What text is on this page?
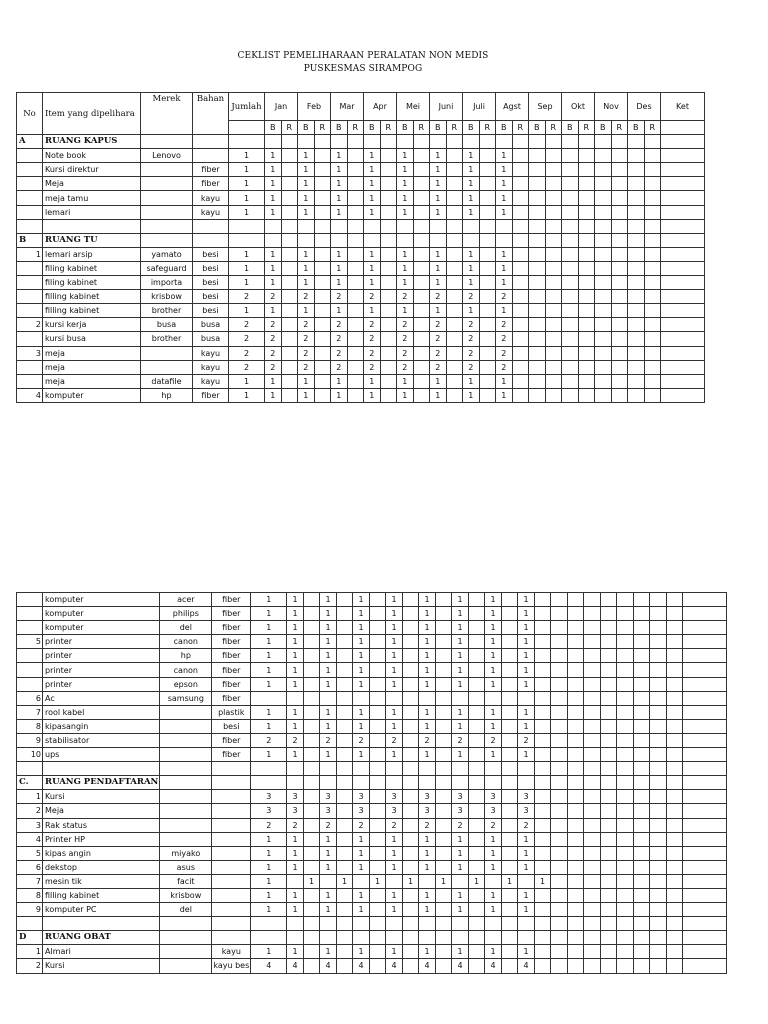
CEKLIST PEMELIHARAAN PERALATAN NON MEDIS
PUSKESMAS SIRAMPOG
No	Item yang dipelihara	Merek	Bahan	Jumlah	Jan		Feb		Mar		Apr		Mei		Juni		Juli		Agst		Sep		Okt		Nov		Des		Ket
					B	R	B	R	B	R	B	R	B	R	B	R	B	R	B	R	B	R	B	R	B	R	B	R	
A	RUANG KAPUS																												
	Note book	Lenovo		1	1		1		1		1		1		1		1		1										
	Kursi direktur		fiber	1	1		1		1		1		1		1		1		1										
	Meja		fiber	1	1		1		1		1		1		1		1		1										
	meja tamu		kayu	1	1		1		1		1		1		1		1		1										
	lemari		kayu	1	1		1		1		1		1		1		1		1										

B	RUANG TU																												
1	lemari arsip	yamato	besi	1	1		1		1		1		1		1		1		1										
	filing kabinet	safeguard	besi	1	1		1		1		1		1		1		1		1										
	filing kabinet	importa	besi	1	1		1		1		1		1		1		1		1										
	filling kabinet	krisbow	besi	2	2		2		2		2		2		2		2		2										
	filling kabinet	brother	besi	1	1		1		1		1		1		1		1		1										
2	kursi kerja	busa	busa	2	2		2		2		2		2		2		2		2										
	kursi busa	brother	busa	2	2		2		2		2		2		2		2		2										
3	meja		kayu	2	2		2		2		2		2		2		2		2										
	meja		kayu	2	2		2		2		2		2		2		2		2										
	meja	datafile	kayu	1	1		1		1		1		1		1		1		1										
4	komputer	hp	fiber	1	1		1		1		1		1		1		1		1										
	komputer	acer	fiber	1	1		1		1		1		1		1		1		1										
	komputer	philips	fiber	1	1		1		1		1		1		1		1		1										
	komputer	del	fiber	1	1		1		1		1		1		1		1		1										
5	printer	canon	fiber	1	1		1		1		1		1		1		1		1										
	printer	hp	fiber	1	1		1		1		1		1		1		1		1										
	printer	canon	fiber	1	1		1		1		1		1		1		1		1										
	printer	epson	fiber	1	1		1		1		1		1		1		1		1										
6	Ac	samsung	fiber																										
7	rool kabel		plastik	1	1		1		1		1		1		1		1		1										
8	kipasangin		besi	1	1		1		1		1		1		1		1		1										
9	stabilisator		fiber	2	2		2		2		2		2		2		2		2										
10	ups		fiber	1	1		1		1		1		1		1		1		1										

C.	RUANG PENDAFTARAN																												
1	Kursi			3	3		3		3		3		3		3		3		3										
2	Meja			3	3		3		3		3		3		3		3		3										
3	Rak status			2	2		2		2		2		2		2		2		2										
4	Printer HP			1	1		1		1		1		1		1		1		1										
5	kipas angin	miyako		1	1		1		1		1		1		1		1		1										
6	dekstop	asus		1	1		1		1		1		1		1		1		1										
7	mesin tik	facit		1		1		1		1		1		1		1		1		1									
8	filling kabinet	krisbow		1	1		1		1		1		1		1		1		1										
9	komputer PC	del		1	1		1		1		1		1		1		1		1										

D	RUANG OBAT																												
1	Almari		kayu	1	1		1		1		1		1		1		1		1										
2	Kursi		kayu bes	4	4		4		4		4		4		4		4		4										
